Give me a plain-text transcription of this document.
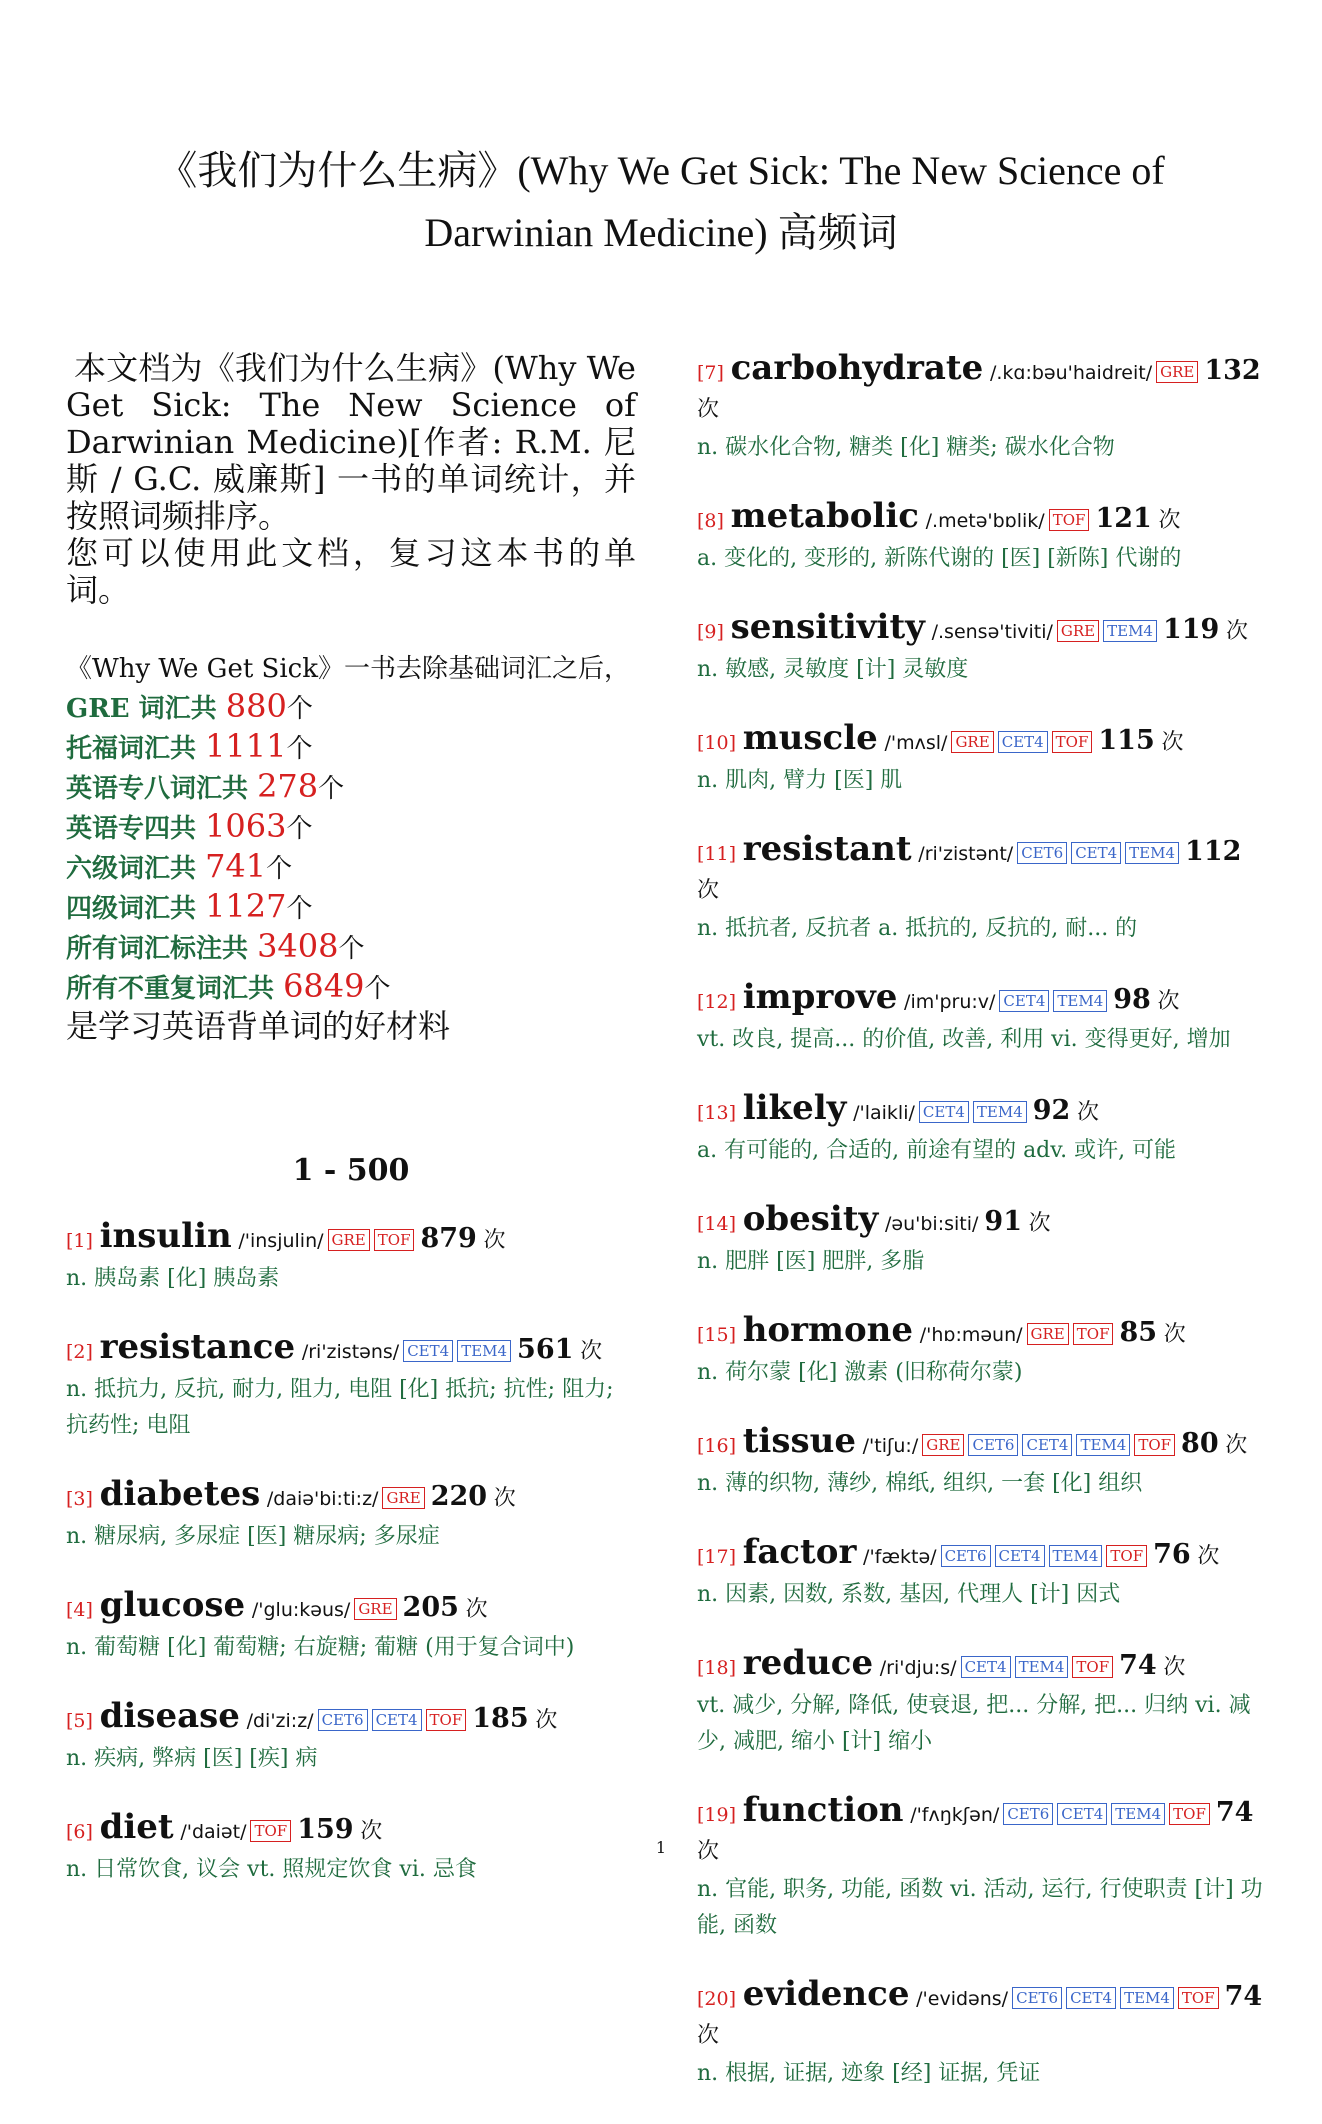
《我们为什么生病》(Why We Get Sick: The New Science of
Darwinian Medicine) 高频词

本文档为《我们为什么生病》(Why We Get Sick: The New Science of Darwinian Medicine)[作者: R.M. 尼斯 / G.C. 威廉斯] 一书的单词统计，并按照词频排序。

您可以使用此文档，复习这本书的单词。

《Why We Get Sick》一书去除基础词汇之后，
GRE 词汇共 880个
托福词汇共 1111个
英语专八词汇共 278个
英语专四共 1063个
六级词汇共 741个
四级词汇共 1127个
所有词汇标注共 3408个
所有不重复词汇共 6849个
是学习英语背单词的好材料
1 - 500
[1] insulin /'insjulin/ GRE TOF 879 次
n. 胰岛素 [化] 胰岛素
[2] resistance /ri'zistəns/ CET4 TEM4 561 次
n. 抵抗力, 反抗, 耐力, 阻力, 电阻 [化] 抵抗; 抗性; 阻力; 抗药性; 电阻
[3] diabetes /daiə'bi:ti:z/ GRE 220 次
n. 糖尿病, 多尿症 [医] 糖尿病; 多尿症
[4] glucose /'glu:kəus/ GRE 205 次
n. 葡萄糖 [化] 葡萄糖; 右旋糖; 葡糖 (用于复合词中)
[5] disease /di'zi:z/ CET6 CET4 TOF 185 次
n. 疾病, 弊病 [医] [疾] 病
[6] diet /'daiət/ TOF 159 次
n. 日常饮食, 议会 vt. 照规定饮食 vi. 忌食
[7] carbohydrate /.kɑ:bəu'haidreit/ GRE 132 次
n. 碳水化合物, 糖类 [化] 糖类; 碳水化合物
[8] metabolic /.metə'bɒlik/ TOF 121 次
a. 变化的, 变形的, 新陈代谢的 [医] [新陈] 代谢的
[9] sensitivity /.sensə'tiviti/ GRE TEM4 119 次
n. 敏感, 灵敏度 [计] 灵敏度
[10] muscle /'mʌsl/ GRE CET4 TOF 115 次
n. 肌肉, 臂力 [医] 肌
[11] resistant /ri'zistənt/ CET6 CET4 TEM4 112 次
n. 抵抗者, 反抗者 a. 抵抗的, 反抗的, 耐... 的
[12] improve /im'pru:v/ CET4 TEM4 98 次
vt. 改良, 提高... 的价值, 改善, 利用 vi. 变得更好, 增加
[13] likely /'laikli/ CET4 TEM4 92 次
a. 有可能的, 合适的, 前途有望的 adv. 或许, 可能
[14] obesity /əu'bi:siti/ 91 次
n. 肥胖 [医] 肥胖, 多脂
[15] hormone /'hɒ:məun/ GRE TOF 85 次
n. 荷尔蒙 [化] 激素 (旧称荷尔蒙)
[16] tissue /'tiʃu:/ GRE CET6 CET4 TEM4 TOF 80 次
n. 薄的织物, 薄纱, 棉纸, 组织, 一套 [化] 组织
[17] factor /'fæktə/ CET6 CET4 TEM4 TOF 76 次
n. 因素, 因数, 系数, 基因, 代理人 [计] 因式
[18] reduce /ri'dju:s/ CET4 TEM4 TOF 74 次
vt. 减少, 分解, 降低, 使衰退, 把... 分解, 把... 归纳 vi. 减少, 减肥, 缩小 [计] 缩小
[19] function /'fʌŋkʃən/ CET6 CET4 TEM4 TOF 74 次
n. 官能, 职务, 功能, 函数 vi. 活动, 运行, 行使职责 [计] 功能, 函数
[20] evidence /'evidəns/ CET6 CET4 TEM4 TOF 74 次
n. 根据, 证据, 迹象 [经] 证据, 凭证
1
